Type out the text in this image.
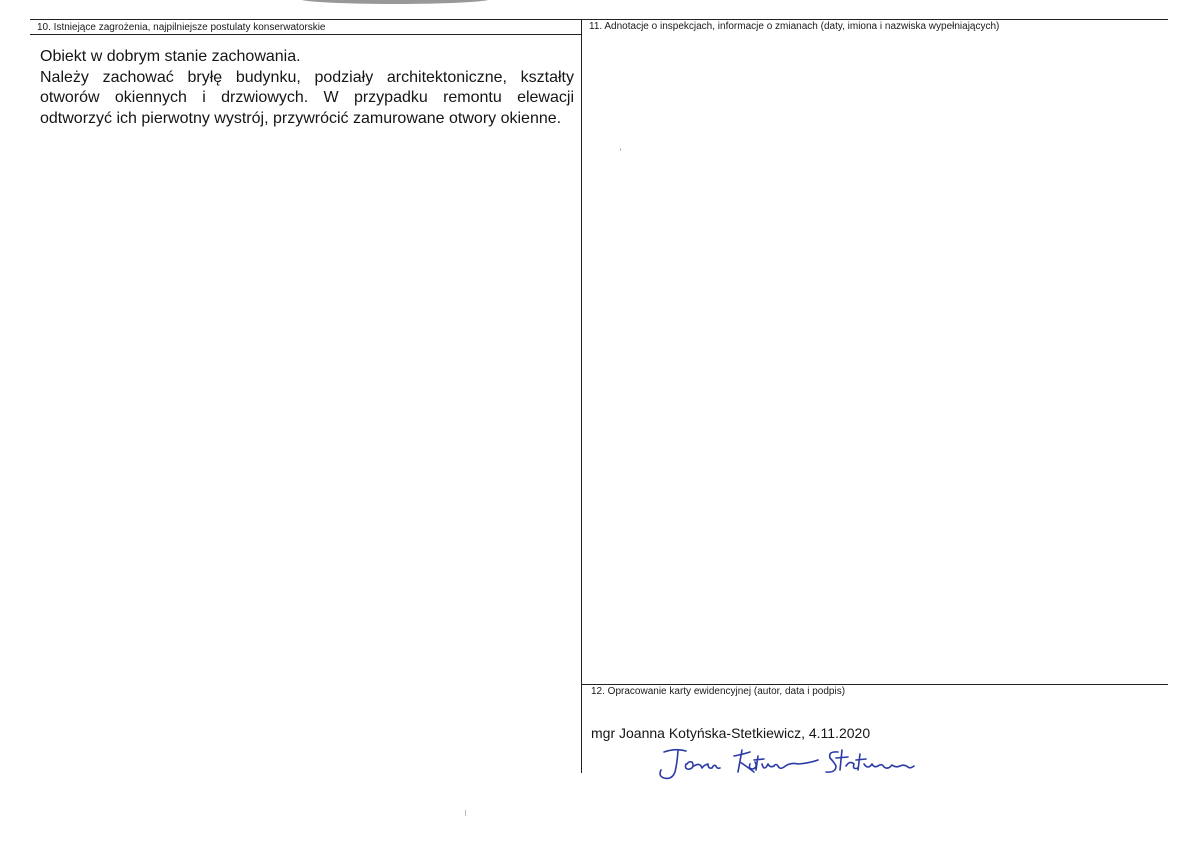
10. Istniejące zagrożenia, najpilniejsze postulaty konserwatorskie

Obiekt w dobrym stanie zachowania.

Należy zachować bryłę budynku, podziały architektoniczne, kształty otworów okiennych i drzwiowych. W przypadku remontu elewacji odtworzyć ich pierwotny wystrój, przywrócić zamurowane otwory okienne.

11. Adnotacje o inspekcjach, informacje o zmianach (daty, imiona i nazwiska wypełniających)
12. Opracowanie karty ewidencyjnej (autor, data i podpis)
mgr Joanna Kotyńska-Stetkiewicz, 4.11.2020
